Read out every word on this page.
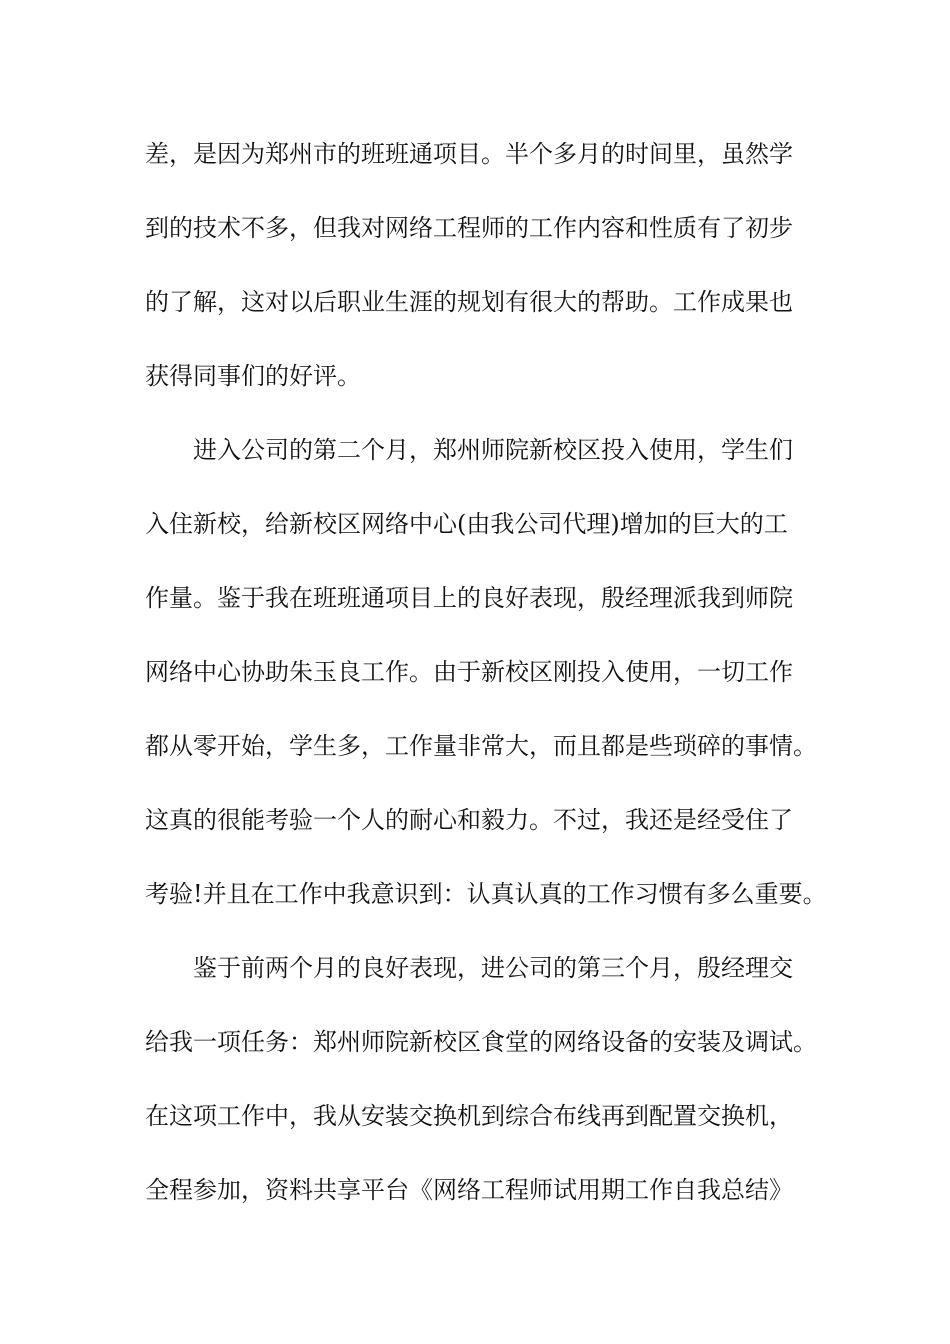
差，是因为郑州市的班班通项目。半个多月的时间里，虽然学
到的技术不多，但我对网络工程师的工作内容和性质有了初步
的了解，这对以后职业生涯的规划有很大的帮助。工作成果也
获得同事们的好评。
进入公司的第二个月，郑州师院新校区投入使用，学生们
入住新校，给新校区网络中心(由我公司代理)增加的巨大的工
作量。鉴于我在班班通项目上的良好表现，殷经理派我到师院
网络中心协助朱玉良工作。由于新校区刚投入使用，一切工作
都从零开始，学生多，工作量非常大，而且都是些琐碎的事情。
这真的很能考验一个人的耐心和毅力。不过，我还是经受住了
考验!并且在工作中我意识到：认真认真的工作习惯有多么重要。
鉴于前两个月的良好表现，进公司的第三个月，殷经理交
给我一项任务：郑州师院新校区食堂的网络设备的安装及调试。
在这项工作中，我从安装交换机到综合布线再到配置交换机，
全程参加，资料共享平台《网络工程师试用期工作自我总结》
